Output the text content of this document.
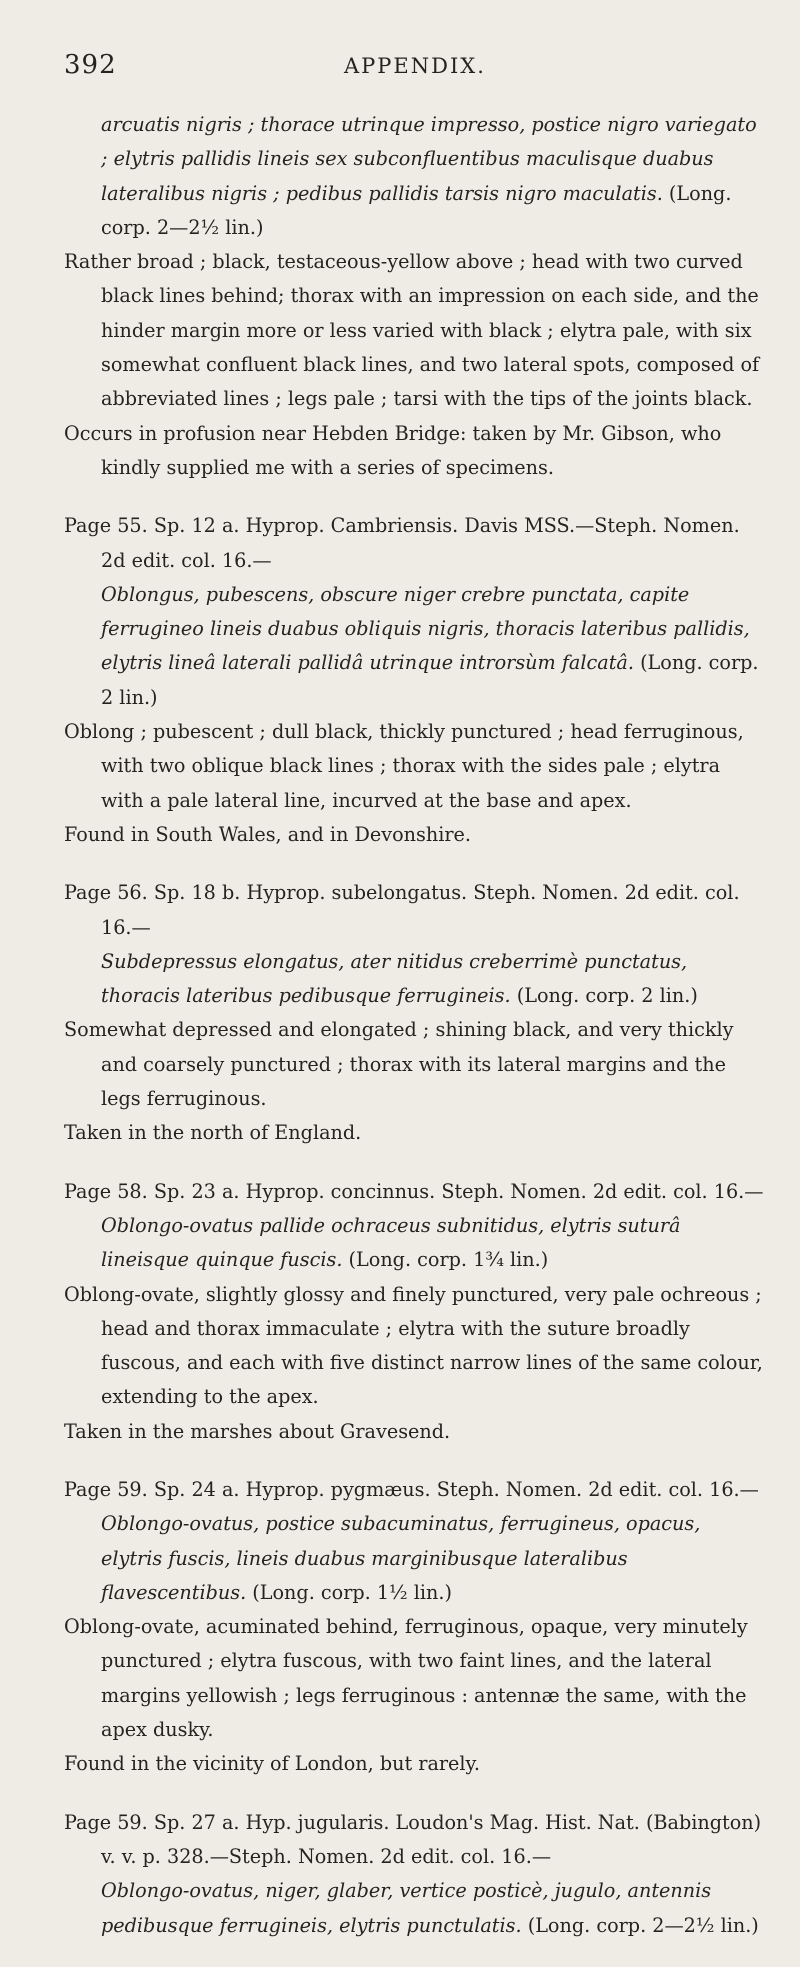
392	APPENDIX.

arcuatis nigris ; thorace utrinque impresso, postice nigro variegato ; elytris pallidis lineis sex subconfluentibus maculisque duabus lateralibus nigris ; pedibus pallidis tarsis nigro maculatis. (Long. corp. 2—2½ lin.)

Rather broad ; black, testaceous-yellow above ; head with two curved black lines behind; thorax with an impression on each side, and the hinder margin more or less varied with black ; elytra pale, with six somewhat confluent black lines, and two lateral spots, composed of abbreviated lines ; legs pale ; tarsi with the tips of the joints black.

Occurs in profusion near Hebden Bridge: taken by Mr. Gibson, who kindly supplied me with a series of specimens.

Page 55. Sp. 12 a. Hyprop. Cambriensis. Davis MSS.—Steph. Nomen. 2d edit. col. 16.—

Oblongus, pubescens, obscure niger crebre punctata, capite ferrugineo lineis duabus obliquis nigris, thoracis lateribus pallidis, elytris lineâ laterali pallidâ utrinque introrsùm falcatâ. (Long. corp. 2 lin.)

Oblong ; pubescent ; dull black, thickly punctured ; head ferruginous, with two oblique black lines ; thorax with the sides pale ; elytra with a pale lateral line, incurved at the base and apex.

Found in South Wales, and in Devonshire.

Page 56. Sp. 18 b. Hyprop. subelongatus. Steph. Nomen. 2d edit. col. 16.—

Subdepressus elongatus, ater nitidus creberrimè punctatus, thoracis lateribus pedibusque ferrugineis. (Long. corp. 2 lin.)

Somewhat depressed and elongated ; shining black, and very thickly and coarsely punctured ; thorax with its lateral margins and the legs ferruginous.

Taken in the north of England.

Page 58. Sp. 23 a. Hyprop. concinnus. Steph. Nomen. 2d edit. col. 16.—

Oblongo-ovatus pallide ochraceus subnitidus, elytris suturâ lineisque quinque fuscis. (Long. corp. 1¾ lin.)

Oblong-ovate, slightly glossy and finely punctured, very pale ochreous ; head and thorax immaculate ; elytra with the suture broadly fuscous, and each with five distinct narrow lines of the same colour, extending to the apex.

Taken in the marshes about Gravesend.

Page 59. Sp. 24 a. Hyprop. pygmæus. Steph. Nomen. 2d edit. col. 16.—

Oblongo-ovatus, postice subacuminatus, ferrugineus, opacus, elytris fuscis, lineis duabus marginibusque lateralibus flavescentibus. (Long. corp. 1½ lin.)

Oblong-ovate, acuminated behind, ferruginous, opaque, very minutely punctured ; elytra fuscous, with two faint lines, and the lateral margins yellowish ; legs ferruginous : antennæ the same, with the apex dusky.

Found in the vicinity of London, but rarely.

Page 59. Sp. 27 a. Hyp. jugularis. Loudon's Mag. Hist. Nat. (Babington) v. v. p. 328.—Steph. Nomen. 2d edit. col. 16.—

Oblongo-ovatus, niger, glaber, vertice posticè, jugulo, antennis pedibusque ferrugineis, elytris punctulatis. (Long. corp. 2—2½ lin.)
